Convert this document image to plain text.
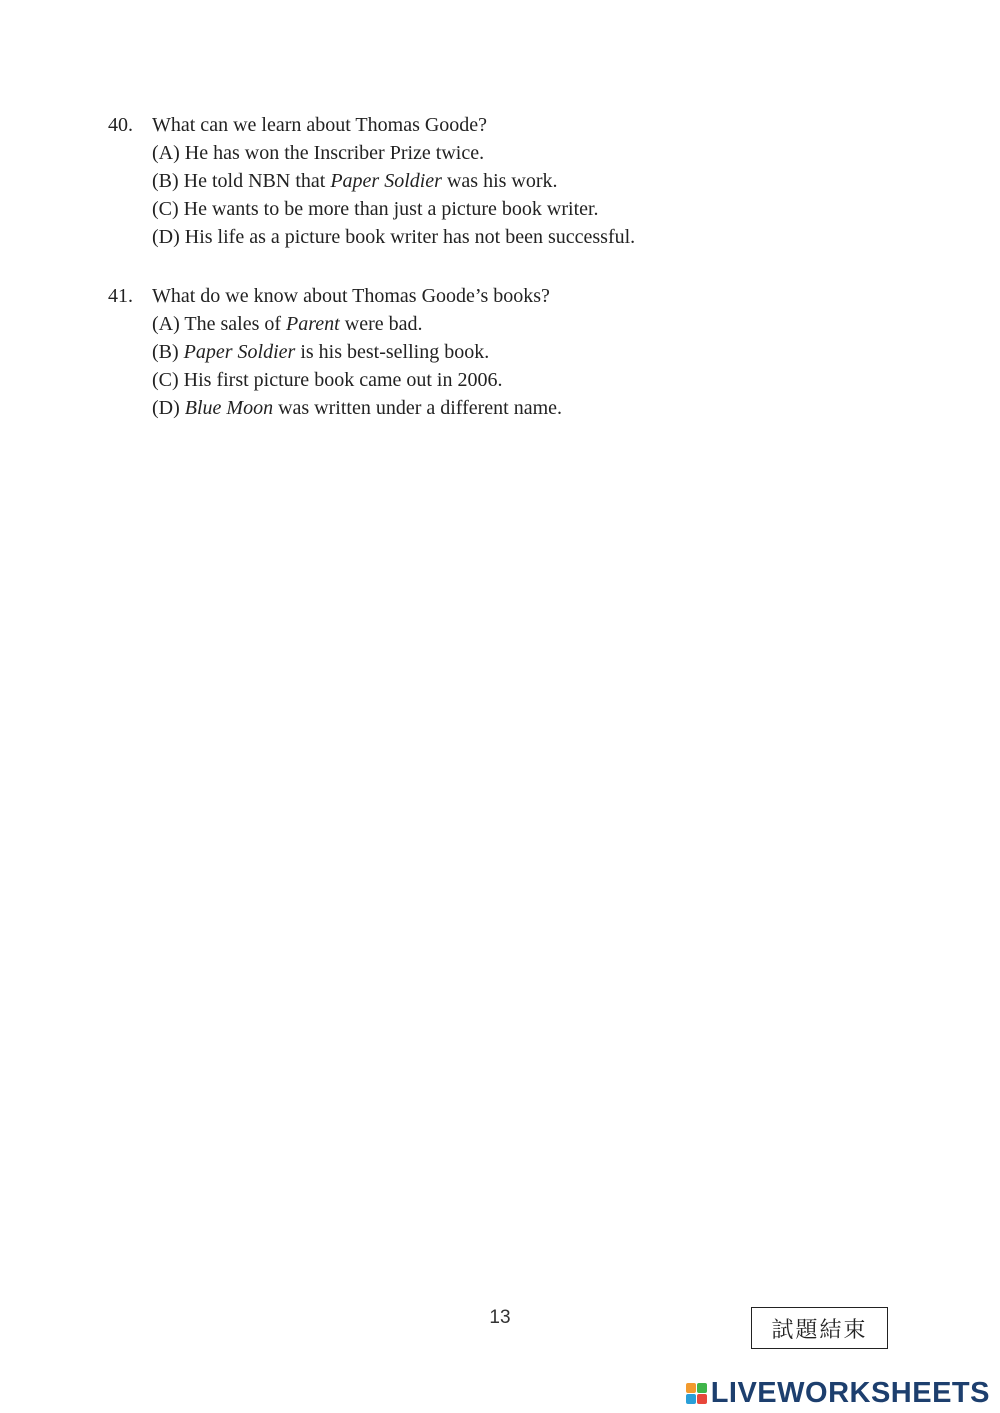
40. What can we learn about Thomas Goode?
(A) He has won the Inscriber Prize twice.
(B) He told NBN that Paper Soldier was his work.
(C) He wants to be more than just a picture book writer.
(D) His life as a picture book writer has not been successful.
41. What do we know about Thomas Goode’s books?
(A) The sales of Parent were bad.
(B) Paper Soldier is his best-selling book.
(C) His first picture book came out in 2006.
(D) Blue Moon was written under a different name.
13	試題結束
LIVEWORKSHEETS
